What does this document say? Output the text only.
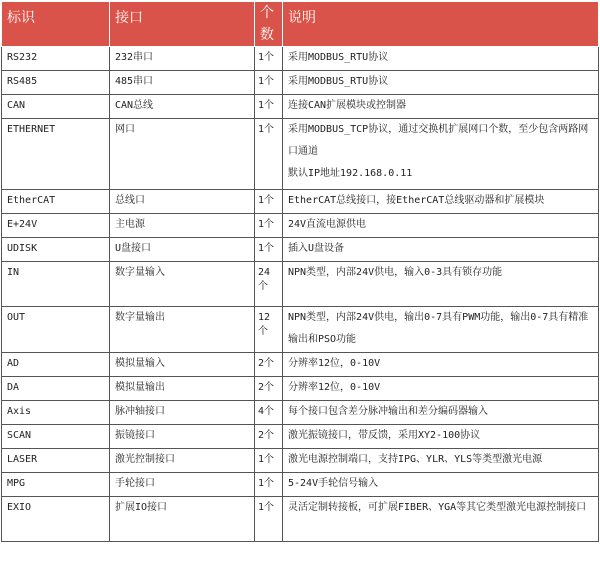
标识	接口	个数	说明
RS232	232串口	1个	采用MODBUS_RTU协议
RS485	485串口	1个	采用MODBUS_RTU协议
CAN	CAN总线	1个	连接CAN扩展模块或控制器
ETHERNET	网口	1个	采用MODBUS_TCP协议，通过交换机扩展网口个数，至少包含两路网口通道
默认IP地址192.168.0.11

EtherCAT	总线口	1个	EtherCAT总线接口，接EtherCAT总线驱动器和扩展模块
E+24V	主电源	1个	24V直流电源供电
UDISK	U盘接口	1个	插入U盘设备
IN	数字量输入	24个	NPN类型，内部24V供电，输入0-3具有锁存功能
OUT	数字量输出	12个	NPN类型，内部24V供电，输出0-7具有PWM功能，输出0-7具有精准输出和PSO功能
AD	模拟量输入	2个	分辨率12位，0-10V
DA	模拟量输出	2个	分辨率12位，0-10V
Axis	脉冲轴接口	4个	每个接口包含差分脉冲输出和差分编码器输入
SCAN	振镜接口	2个	激光振镜接口，带反馈，采用XY2-100协议
LASER	激光控制接口	1个	激光电源控制端口，支持IPG、YLR、YLS等类型激光电源
MPG	手轮接口	1个	5-24V手轮信号输入
EXIO	扩展IO接口	1个	灵活定制转接板，可扩展FIBER、YGA等其它类型激光电源控制接口
